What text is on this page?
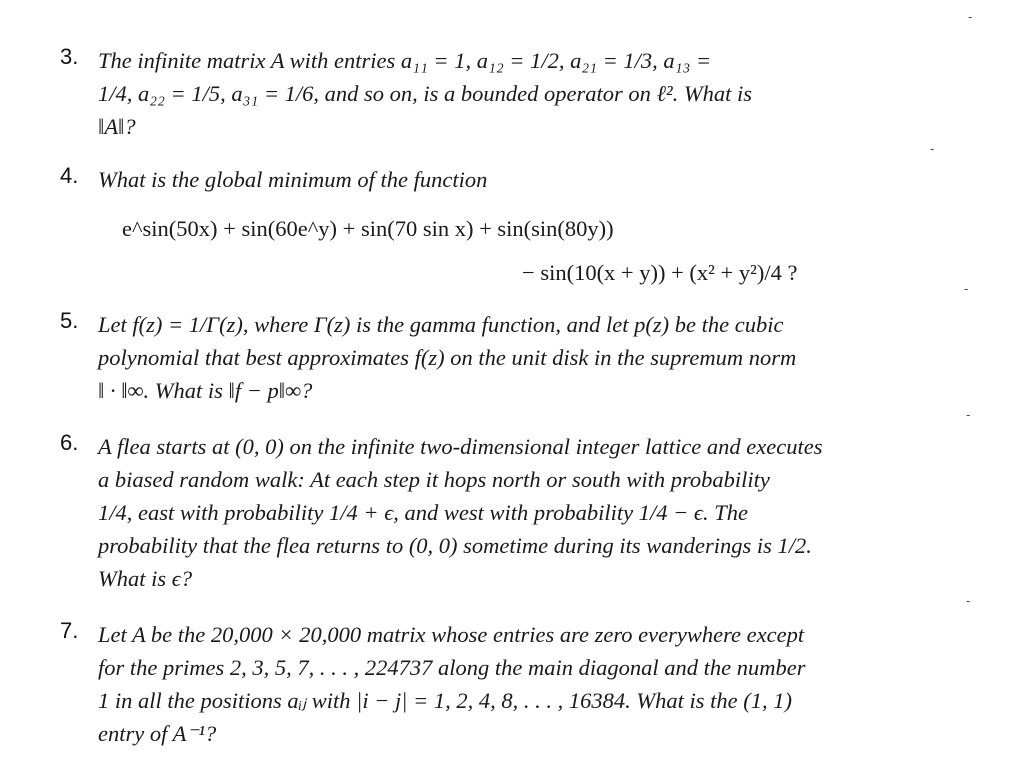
3. The infinite matrix A with entries a₁₁ = 1, a₁₂ = 1/2, a₂₁ = 1/3, a₁₃ =
1/4, a₂₂ = 1/5, a₃₁ = 1/6, and so on, is a bounded operator on ℓ². What is
‖A‖?
4. What is the global minimum of the function
e^sin(50x) + sin(60e^y) + sin(70 sin x) + sin(sin(80y))
− sin(10(x + y)) + (x² + y²)/4 ?
5. Let f(z) = 1/Γ(z), where Γ(z) is the gamma function, and let p(z) be the cubic
polynomial that best approximates f(z) on the unit disk in the supremum norm
‖ · ‖∞. What is ‖f − p‖∞?
6. A flea starts at (0, 0) on the infinite two-dimensional integer lattice and executes
a biased random walk: At each step it hops north or south with probability
1/4, east with probability 1/4 + ϵ, and west with probability 1/4 − ϵ. The
probability that the flea returns to (0, 0) sometime during its wanderings is 1/2.
What is ϵ?
7. Let A be the 20,000 × 20,000 matrix whose entries are zero everywhere except
for the primes 2, 3, 5, 7, . . . , 224737 along the main diagonal and the number
1 in all the positions aᵢⱼ with |i − j| = 1, 2, 4, 8, . . . , 16384. What is the (1, 1)
entry of A⁻¹?
-
-
-
-
-
